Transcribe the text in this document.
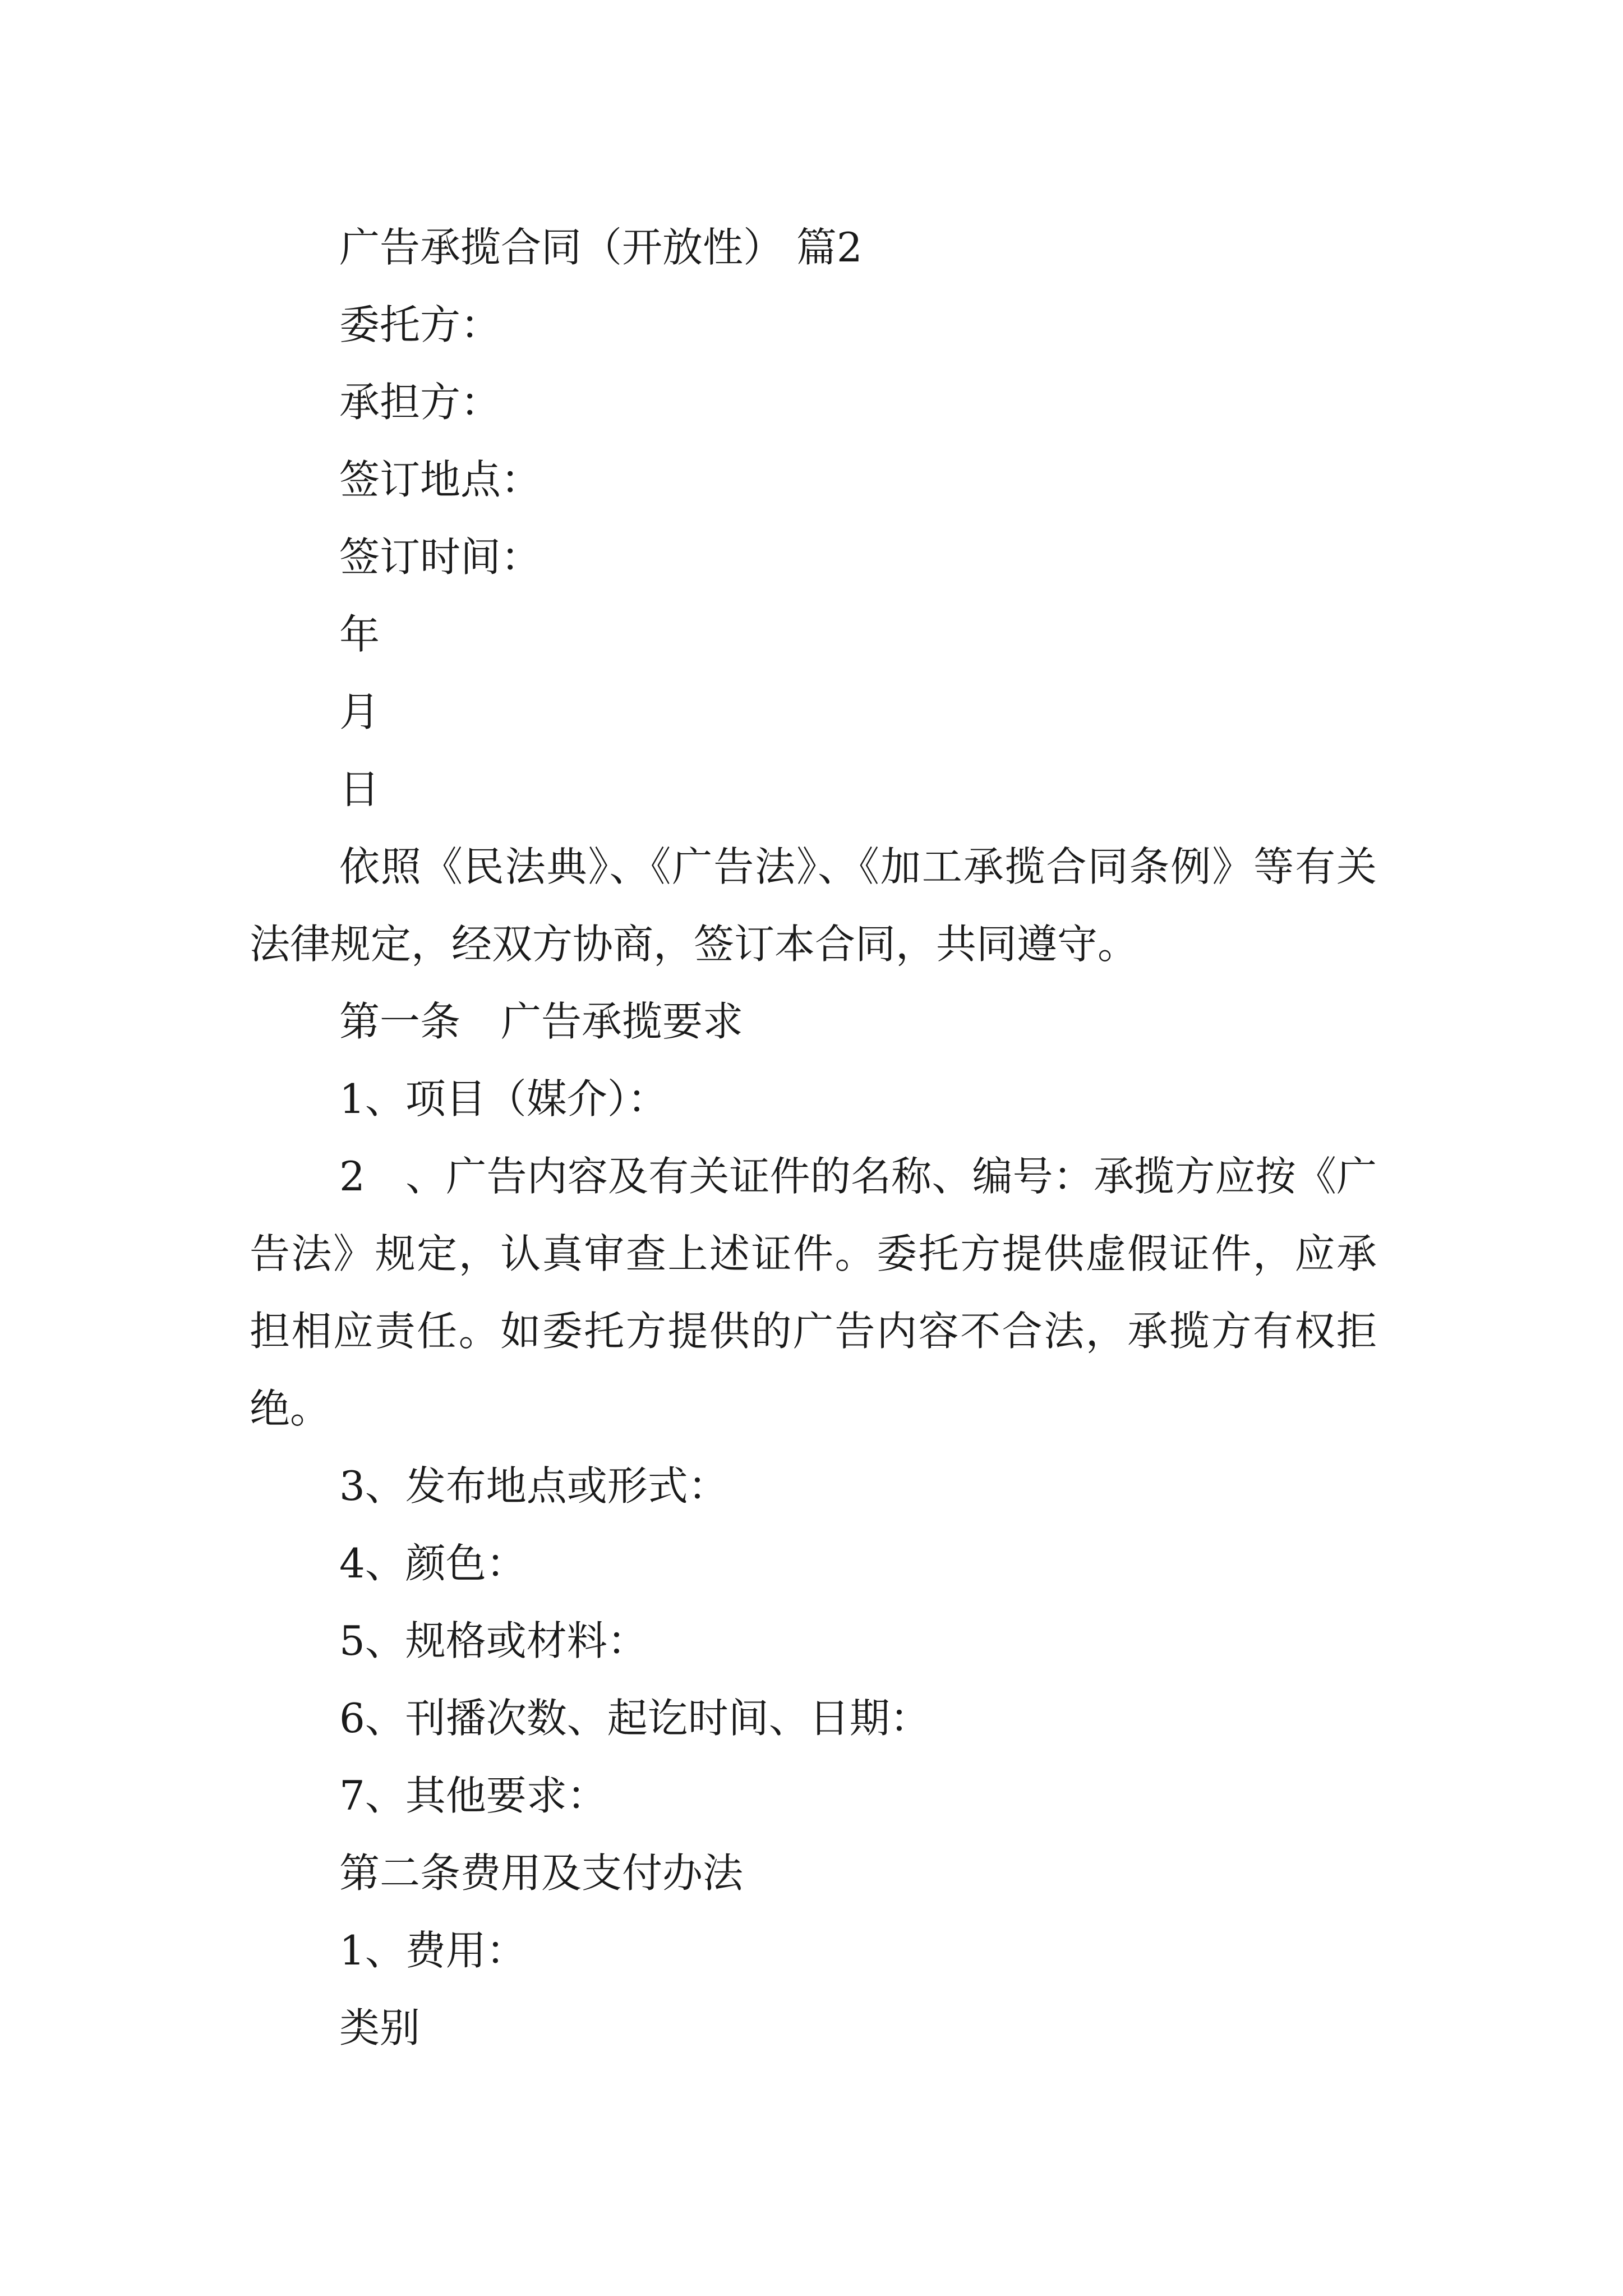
广告承揽合同（开放性） 篇2

委托方：

承担方：

签订地点：

签订时间：

年

月

日

依照《民法典》、《广告法》、《加工承揽合同条例》等有关法律规定，经双方协商，签订本合同，共同遵守。

第一条　广告承揽要求

1、项目（媒介）：

2　、广告内容及有关证件的名称、编号：承揽方应按《广告法》规定，认真审查上述证件。委托方提供虚假证件，应承担相应责任。如委托方提供的广告内容不合法，承揽方有权拒绝。

3、发布地点或形式：

4、颜色：

5、规格或材料：

6、刊播次数、起讫时间、日期：

7、其他要求：

第二条费用及支付办法

1、费用：

类别
